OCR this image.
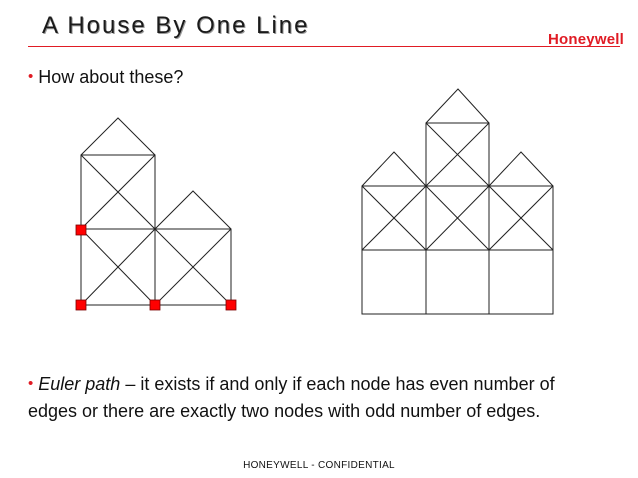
A House By One Line
Honeywell
• How about these?
• Euler path – it exists if and only if each node has even number of edges or there are exactly two nodes with odd number of edges.
HONEYWELL - CONFIDENTIAL
